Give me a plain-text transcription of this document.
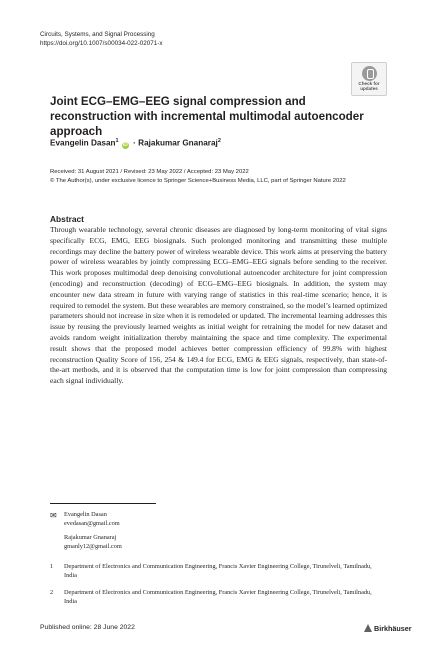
Circuits, Systems, and Signal Processing
https://doi.org/10.1007/s00034-022-02071-x
Check for
updates
Joint ECG–EMG–EEG signal compression and reconstruction with incremental multimodal autoencoder approach
Evangelin Dasan$^1$ iD · Rajakumar Gnanaraj$^2$
Received: 31 August 2021 / Revised: 23 May 2022 / Accepted: 23 May 2022
© The Author(s), under exclusive licence to Springer Science+Business Media, LLC, part of Springer Nature 2022
Abstract
Through wearable technology, several chronic diseases are diagnosed by long-term monitoring of vital signs specifically ECG, EMG, EEG biosignals. Such prolonged monitoring and transmitting these multiple recordings may decline the battery power of wireless wearable device. This work aims at preserving the battery power of wireless wearables by jointly compressing ECG–EMG–EEG signals before sending to the receiver. This work proposes multimodal deep denoising convolutional autoencoder architecture for joint compression (encoding) and reconstruction (decoding) of ECG–EMG–EEG biosignals. In addition, the system may encounter new data stream in future with varying range of statistics in this real-time scenario; hence, it is required to remodel the system. But these wearables are memory constrained, so the model’s learned optimized parameters should not increase in size when it is remodeled or updated. The incremental learning addresses this issue by reusing the previously learned weights as initial weight for retraining the model for new dataset and avoids random weight initialization thereby maintaining the space and time complexity. The experimental result shows that the proposed model achieves better compression efficiency of 99.8% with highest reconstruction Quality Score of 156, 254 & 149.4 for ECG, EMG & EEG signals, respectively, than state-of-the-art methods, and it is observed that the computation time is low for joint compression than compressing each signal individually.
✉ Evangelin Dasan
evedasan@gmail.com
Rajakumar Gnanaraj
gmanly12@gmail.com
1 Department of Electronics and Communication Engineering, Francis Xavier Engineering College, Tirunelveli, Tamilnadu, India
2 Department of Electronics and Communication Engineering, Francis Xavier Engineering College, Tirunelveli, Tamilnadu, India
Published online: 28 June 2022	Birkhäuser
